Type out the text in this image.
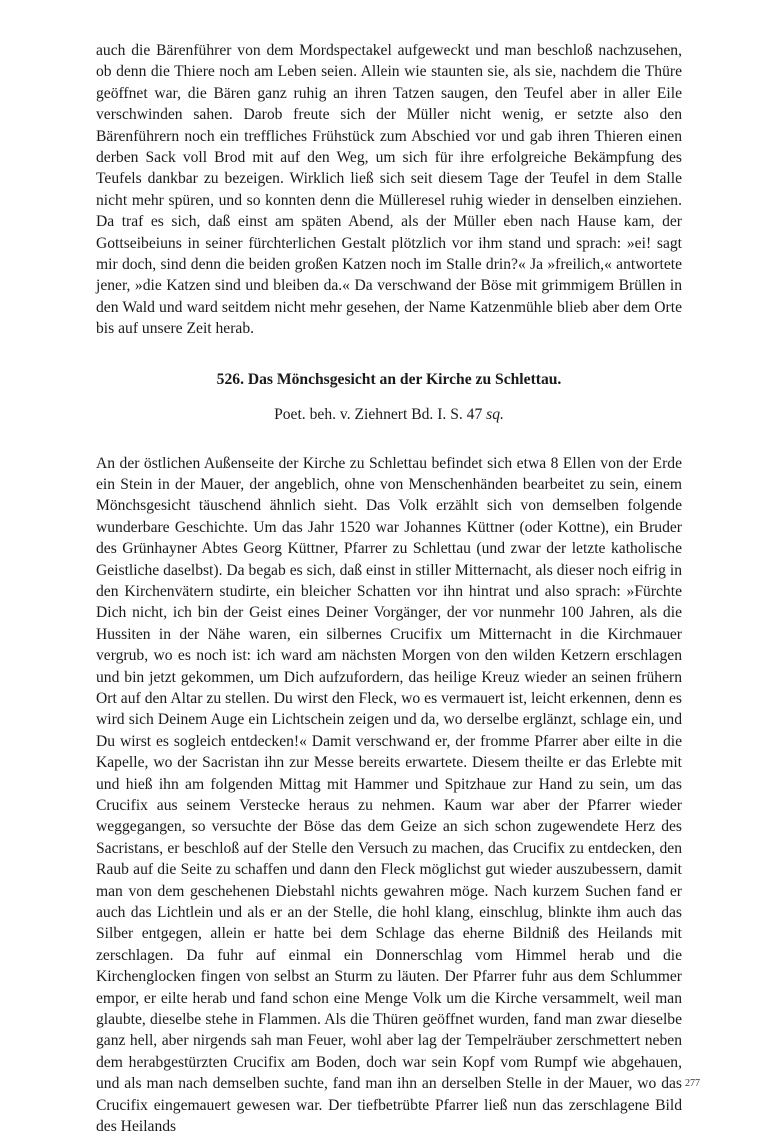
auch die Bärenführer von dem Mordspectakel aufgeweckt und man beschloß nachzusehen, ob denn die Thiere noch am Leben seien. Allein wie staunten sie, als sie, nachdem die Thüre geöffnet war, die Bären ganz ruhig an ihren Tatzen saugen, den Teufel aber in aller Eile verschwinden sahen. Darob freute sich der Müller nicht wenig, er setzte also den Bärenführern noch ein treffliches Frühstück zum Abschied vor und gab ihren Thieren einen derben Sack voll Brod mit auf den Weg, um sich für ihre erfolgreiche Bekämpfung des Teufels dankbar zu bezeigen. Wirklich ließ sich seit diesem Tage der Teufel in dem Stalle nicht mehr spüren, und so konnten denn die Mülleresel ruhig wieder in denselben einziehen. Da traf es sich, daß einst am späten Abend, als der Müller eben nach Hause kam, der Gottseibeiuns in seiner fürchterlichen Gestalt plötzlich vor ihm stand und sprach: »ei! sagt mir doch, sind denn die beiden großen Katzen noch im Stalle drin?« Ja »freilich,« antwortete jener, »die Katzen sind und bleiben da.« Da verschwand der Böse mit grimmigem Brüllen in den Wald und ward seitdem nicht mehr gesehen, der Name Katzenmühle blieb aber dem Orte bis auf unsere Zeit herab.

526. Das Mönchsgesicht an der Kirche zu Schlettau.

Poet. beh. v. Ziehnert Bd. I. S. 47 sq.

An der östlichen Außenseite der Kirche zu Schlettau befindet sich etwa 8 Ellen von der Erde ein Stein in der Mauer, der angeblich, ohne von Menschenhänden bearbeitet zu sein, einem Mönchsgesicht täuschend ähnlich sieht. Das Volk erzählt sich von demselben folgende wunderbare Geschichte. Um das Jahr 1520 war Johannes Küttner (oder Kottne), ein Bruder des Grünhayner Abtes Georg Küttner, Pfarrer zu Schlettau (und zwar der letzte katholische Geistliche daselbst). Da begab es sich, daß einst in stiller Mitternacht, als dieser noch eifrig in den Kirchenvätern studirte, ein bleicher Schatten vor ihn hintrat und also sprach: »Fürchte Dich nicht, ich bin der Geist eines Deiner Vorgänger, der vor nunmehr 100 Jahren, als die Hussiten in der Nähe waren, ein silbernes Crucifix um Mitternacht in die Kirchmauer vergrub, wo es noch ist: ich ward am nächsten Morgen von den wilden Ketzern erschlagen und bin jetzt gekommen, um Dich aufzufordern, das heilige Kreuz wieder an seinen frühern Ort auf den Altar zu stellen. Du wirst den Fleck, wo es vermauert ist, leicht erkennen, denn es wird sich Deinem Auge ein Lichtschein zeigen und da, wo derselbe erglänzt, schlage ein, und Du wirst es sogleich entdecken!« Damit verschwand er, der fromme Pfarrer aber eilte in die Kapelle, wo der Sacristan ihn zur Messe bereits erwartete. Diesem theilte er das Erlebte mit und hieß ihn am folgenden Mittag mit Hammer und Spitzhaue zur Hand zu sein, um das Crucifix aus seinem Verstecke heraus zu nehmen. Kaum war aber der Pfarrer wieder weggegangen, so versuchte der Böse das dem Geize an sich schon zugewendete Herz des Sacristans, er beschloß auf der Stelle den Versuch zu machen, das Crucifix zu entdecken, den Raub auf die Seite zu schaffen und dann den Fleck möglichst gut wieder auszubessern, damit man von dem geschehenen Diebstahl nichts gewahren möge. Nach kurzem Suchen fand er auch das Lichtlein und als er an der Stelle, die hohl klang, einschlug, blinkte ihm auch das Silber entgegen, allein er hatte bei dem Schlage das eherne Bildniß des Heilands mit zerschlagen. Da fuhr auf einmal ein Donnerschlag vom Himmel herab und die Kirchenglocken fingen von selbst an Sturm zu läuten. Der Pfarrer fuhr aus dem Schlummer empor, er eilte herab und fand schon eine Menge Volk um die Kirche versammelt, weil man glaubte, dieselbe stehe in Flammen. Als die Thüren geöffnet wurden, fand man zwar dieselbe ganz hell, aber nirgends sah man Feuer, wohl aber lag der Tempelräuber zerschmettert neben dem herabgestürzten Crucifix am Boden, doch war sein Kopf vom Rumpf wie abgehauen, und als man nach demselben suchte, fand man ihn an derselben Stelle in der Mauer, wo das Crucifix eingemauert gewesen war. Der tiefbetrübte Pfarrer ließ nun das zerschlagene Bild des Heilands

277
